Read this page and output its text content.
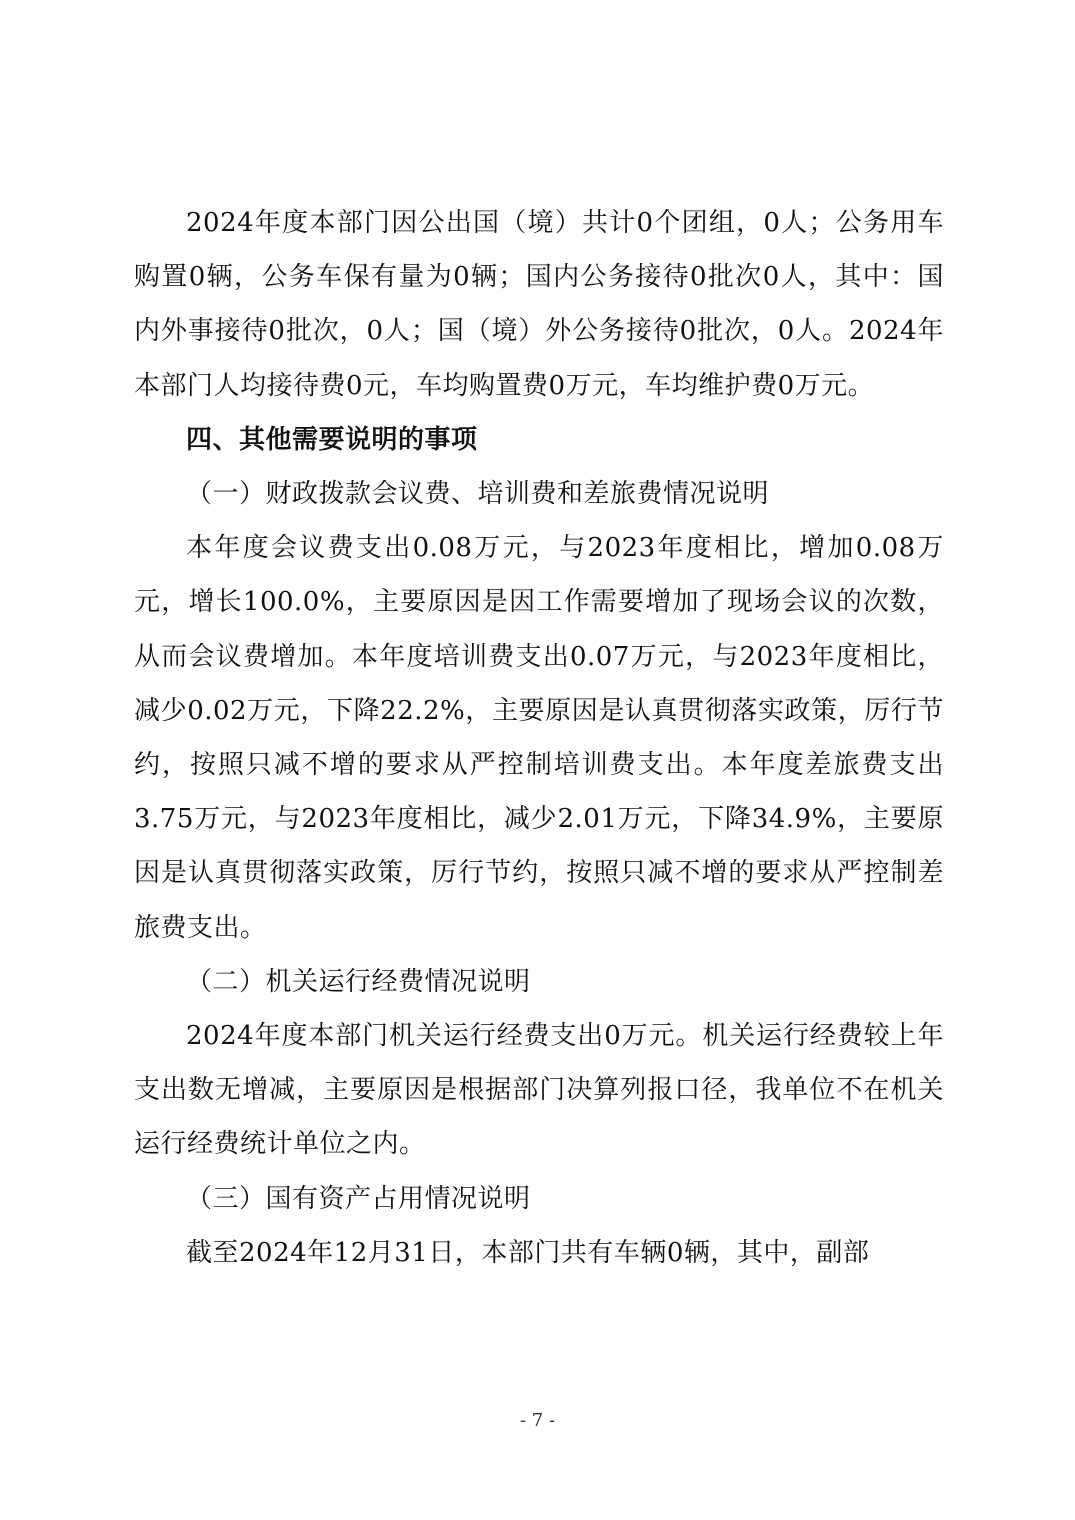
2024年度本部门因公出国（境）共计0个团组，0人；公务用车购置0辆，公务车保有量为0辆；国内公务接待0批次0人，其中：国内外事接待0批次，0人；国（境）外公务接待0批次，0人。2024年本部门人均接待费0元，车均购置费0万元，车均维护费0万元。

四、其他需要说明的事项

（一）财政拨款会议费、培训费和差旅费情况说明

本年度会议费支出0.08万元，与2023年度相比，增加0.08万元，增长100.0%，主要原因是因工作需要增加了现场会议的次数，从而会议费增加。本年度培训费支出0.07万元，与2023年度相比，减少0.02万元，下降22.2%，主要原因是认真贯彻落实政策，厉行节约，按照只减不增的要求从严控制培训费支出。本年度差旅费支出3.75万元，与2023年度相比，减少2.01万元，下降34.9%，主要原因是认真贯彻落实政策，厉行节约，按照只减不增的要求从严控制差旅费支出。

（二）机关运行经费情况说明

2024年度本部门机关运行经费支出0万元。机关运行经费较上年支出数无增减，主要原因是根据部门决算列报口径，我单位不在机关运行经费统计单位之内。

（三）国有资产占用情况说明

截至2024年12月31日，本部门共有车辆0辆，其中，副部

- 7 -
